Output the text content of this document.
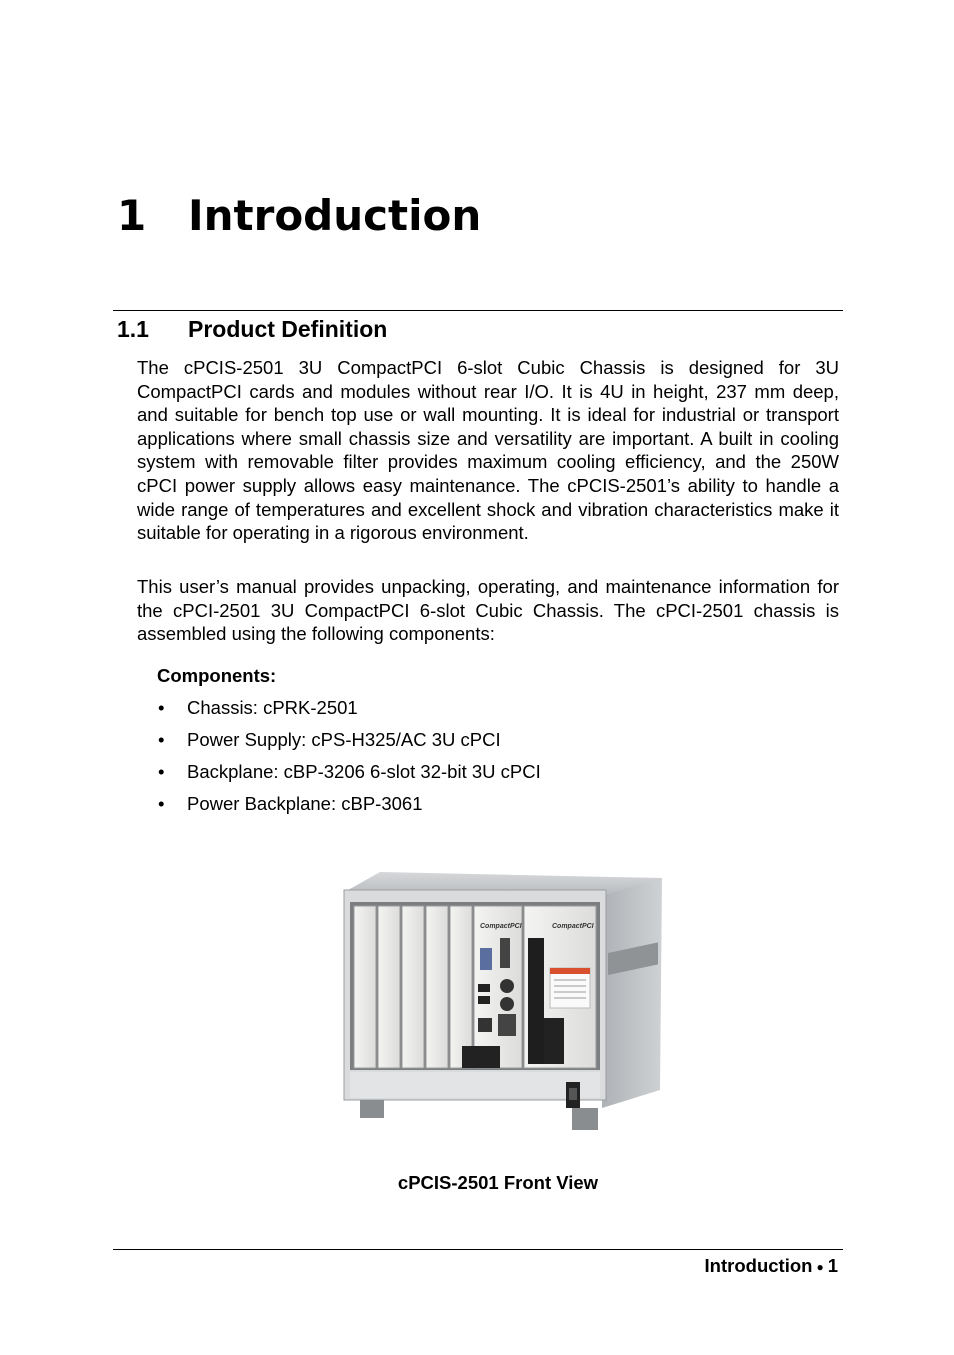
1 Introduction
1.1 Product Definition

The cPCIS-2501 3U CompactPCI 6-slot Cubic Chassis is designed for 3U CompactPCI cards and modules without rear I/O. It is 4U in height, 237 mm deep, and suitable for bench top use or wall mounting. It is ideal for industrial or transport applications where small chassis size and versatility are important. A built in cooling system with removable filter provides maximum cooling efficiency, and the 250W cPCI power supply allows easy maintenance. The cPCIS-2501’s ability to handle a wide range of temperatures and excellent shock and vibration characteristics make it suitable for operating in a rigorous environment.

This user’s manual provides unpacking, operating, and maintenance information for the cPCI-2501 3U CompactPCI 6-slot Cubic Chassis. The cPCI-2501 chassis is assembled using the following components:

Components:

• Chassis: cPRK-2501
• Power Supply: cPS-H325/AC 3U cPCI
• Backplane: cBP-3206 6-slot 32-bit 3U cPCI
• Power Backplane: cBP-3061
CompactPCI	CompactPCI

cPCIS-2501 Front View

Introduction ● 1
